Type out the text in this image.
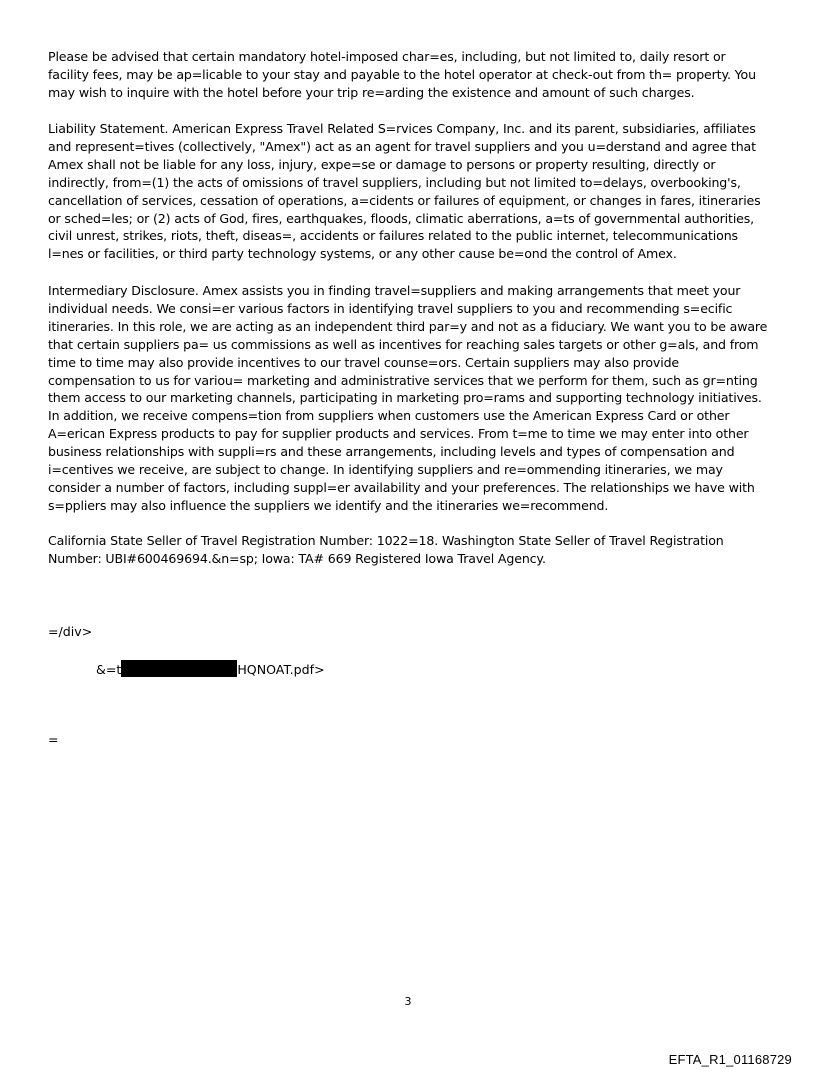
Please be advised that certain mandatory hotel-imposed char=es, including, but not limited to, daily resort or facility fees, may be ap=licable to your stay and payable to the hotel operator at check-out from th= property. You may wish to inquire with the hotel before your trip re=arding the existence and amount of such charges.

Liability Statement. American Express Travel Related S=rvices Company, Inc. and its parent, subsidiaries, affiliates and represent=tives (collectively, "Amex") act as an agent for travel suppliers and you u=derstand and agree that Amex shall not be liable for any loss, injury, expe=se or damage to persons or property resulting, directly or indirectly, from=(1) the acts of omissions of travel suppliers, including but not limited to=delays, overbooking's, cancellation of services, cessation of operations, a=cidents or failures of equipment, or changes in fares, itineraries or sched=les; or (2) acts of God, fires, earthquakes, floods, climatic aberrations, a=ts of governmental authorities, civil unrest, strikes, riots, theft, diseas=, accidents or failures related to the public internet, telecommunications l=nes or facilities, or third party technology systems, or any other cause be=ond the control of Amex.

Intermediary Disclosure. Amex assists you in finding travel=suppliers and making arrangements that meet your individual needs. We consi=er various factors in identifying travel suppliers to you and recommending s=ecific itineraries. In this role, we are acting as an independent third par=y and not as a fiduciary. We want you to be aware that certain suppliers pa= us commissions as well as incentives for reaching sales targets or other g=als, and from time to time may also provide incentives to our travel counse=ors. Certain suppliers may also provide compensation to us for variou= marketing and administrative services that we perform for them, such as gr=nting them access to our marketing channels, participating in marketing pro=rams and supporting technology initiatives. In addition, we receive compens=tion from suppliers when customers use the American Express Card or other A=erican Express products to pay for supplier products and services. From t=me to time we may enter into other business relationships with suppli=rs and these arrangements, including levels and types of compensation and i=centives we receive, are subject to change. In identifying suppliers and re=ommending itineraries, we may consider a number of factors, including suppl=er availability and your preferences. The relationships we have with s=ppliers may also influence the suppliers we identify and the itineraries we=recommend.

California State Seller of Travel Registration Number: 1022=18. Washington State Seller of Travel Registration Number: UBI#600469694.&n=sp; Iowa: TA# 669 Registered Iowa Travel Agency.

=/div>

&=t	HQNOAT.pdf>

=

3
EFTA_R1_01168729
